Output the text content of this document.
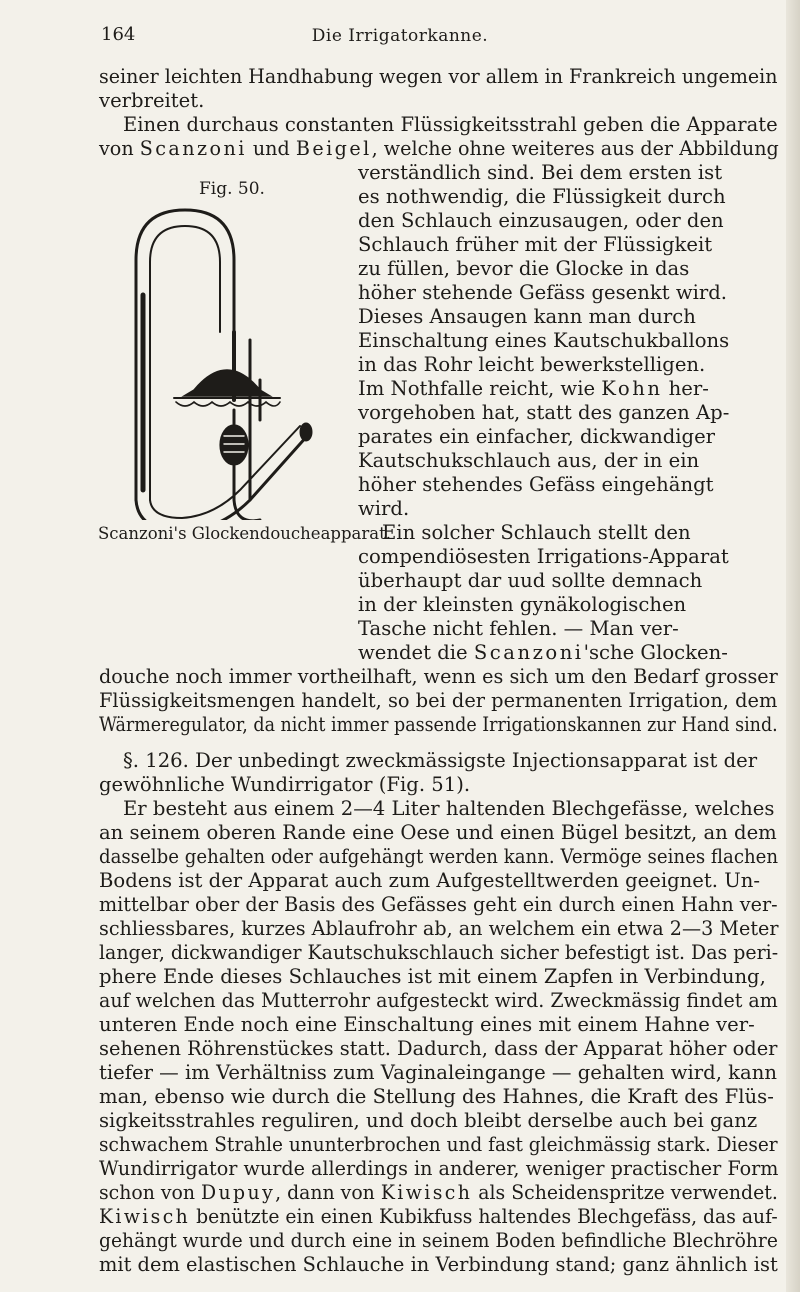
164	Die Irrigatorkanne.
seiner leichten Handhabung wegen vor allem in Frankreich ungemein
verbreitet.
Einen durchaus constanten Flüssigkeitsstrahl geben die Apparate
von Scanzoni und Beigel, welche ohne weiteres aus der Abbildung
Fig. 50.
Scanzoni's Glockendoucheapparat.
verständlich sind. Bei dem ersten ist
es nothwendig, die Flüssigkeit durch
den Schlauch einzusaugen, oder den
Schlauch früher mit der Flüssigkeit
zu füllen, bevor die Glocke in das
höher stehende Gefäss gesenkt wird.
Dieses Ansaugen kann man durch
Einschaltung eines Kautschukballons
in das Rohr leicht bewerkstelligen.
Im Nothfalle reicht, wie Kohn her-
vorgehoben hat, statt des ganzen Ap-
parates ein einfacher, dickwandiger
Kautschukschlauch aus, der in ein
höher stehendes Gefäss eingehängt
wird.
Ein solcher Schlauch stellt den
compendiösesten Irrigations-Apparat
überhaupt dar uud sollte demnach
in der kleinsten gynäkologischen
Tasche nicht fehlen. — Man ver-
wendet die Scanzoni'sche Glocken-
douche noch immer vortheilhaft, wenn es sich um den Bedarf grosser
Flüssigkeitsmengen handelt, so bei der permanenten Irrigation, dem
Wärmeregulator, da nicht immer passende Irrigationskannen zur Hand sind.
§. 126. Der unbedingt zweckmässigste Injectionsapparat ist der
gewöhnliche Wundirrigator (Fig. 51).
Er besteht aus einem 2—4 Liter haltenden Blechgefässe, welches
an seinem oberen Rande eine Oese und einen Bügel besitzt, an dem
dasselbe gehalten oder aufgehängt werden kann. Vermöge seines flachen
Bodens ist der Apparat auch zum Aufgestelltwerden geeignet. Un-
mittelbar ober der Basis des Gefässes geht ein durch einen Hahn ver-
schliessbares, kurzes Ablaufrohr ab, an welchem ein etwa 2—3 Meter
langer, dickwandiger Kautschukschlauch sicher befestigt ist. Das peri-
phere Ende dieses Schlauches ist mit einem Zapfen in Verbindung,
auf welchen das Mutterrohr aufgesteckt wird. Zweckmässig findet am
unteren Ende noch eine Einschaltung eines mit einem Hahne ver-
sehenen Röhrenstückes statt. Dadurch, dass der Apparat höher oder
tiefer — im Verhältniss zum Vaginaleingange — gehalten wird, kann
man, ebenso wie durch die Stellung des Hahnes, die Kraft des Flüs-
sigkeitsstrahles reguliren, und doch bleibt derselbe auch bei ganz
schwachem Strahle ununterbrochen und fast gleichmässig stark. Dieser
Wundirrigator wurde allerdings in anderer, weniger practischer Form
schon von Dupuy, dann von Kiwisch als Scheidenspritze verwendet.
Kiwisch benützte ein einen Kubikfuss haltendes Blechgefäss, das auf-
gehängt wurde und durch eine in seinem Boden befindliche Blechröhre
mit dem elastischen Schlauche in Verbindung stand; ganz ähnlich ist
